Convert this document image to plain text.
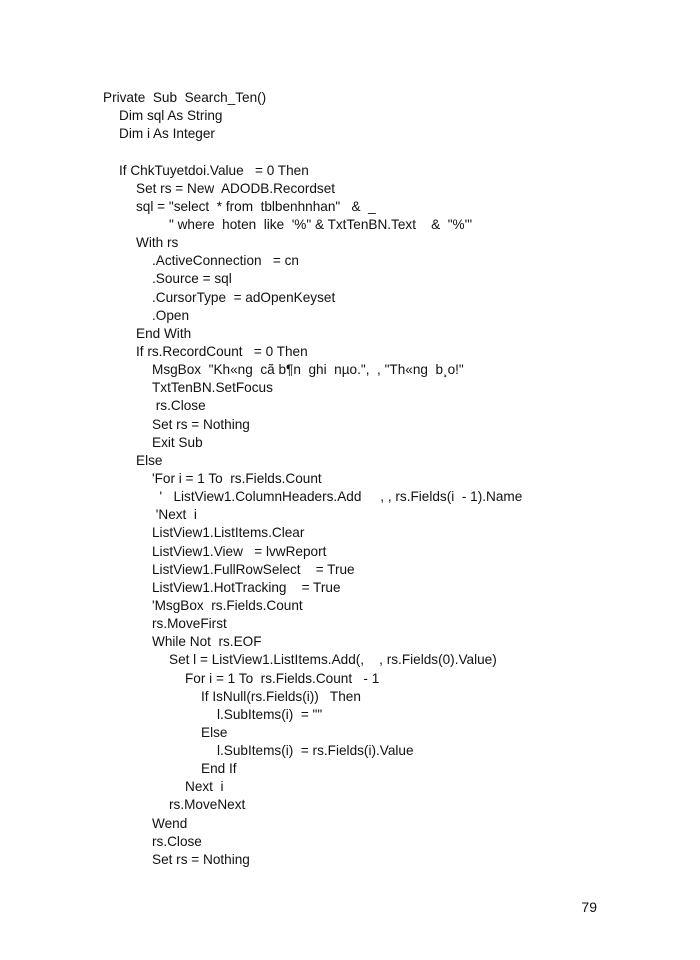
Private  Sub  Search_Ten()
Dim sql As String
Dim i As Integer
If ChkTuyetdoi.Value   = 0 Then
Set rs = New  ADODB.Recordset
sql = "select  * from  tblbenhnhan"   &  _
" where  hoten  like  '%" & TxtTenBN.Text    &  "%'"
With rs
.ActiveConnection   = cn
.Source = sql
.CursorType  = adOpenKeyset
.Open
End With
If rs.RecordCount   = 0 Then
MsgBox  "Kh«ng  cã b¶n  ghi  nµo.",  , "Th«ng  b¸o!"
TxtTenBN.SetFocus
rs.Close
Set rs = Nothing
Exit Sub
Else
'For i = 1 To  rs.Fields.Count
'   ListView1.ColumnHeaders.Add     , , rs.Fields(i  - 1).Name
'Next  i
ListView1.ListItems.Clear
ListView1.View   = lvwReport
ListView1.FullRowSelect    = True
ListView1.HotTracking    = True
'MsgBox  rs.Fields.Count
rs.MoveFirst
While Not  rs.EOF
Set l = ListView1.ListItems.Add(,    , rs.Fields(0).Value)
For i = 1 To  rs.Fields.Count   - 1
If IsNull(rs.Fields(i))   Then
l.SubItems(i)  = ""
Else
l.SubItems(i)  = rs.Fields(i).Value
End If
Next  i
rs.MoveNext
Wend
rs.Close
Set rs = Nothing
79
